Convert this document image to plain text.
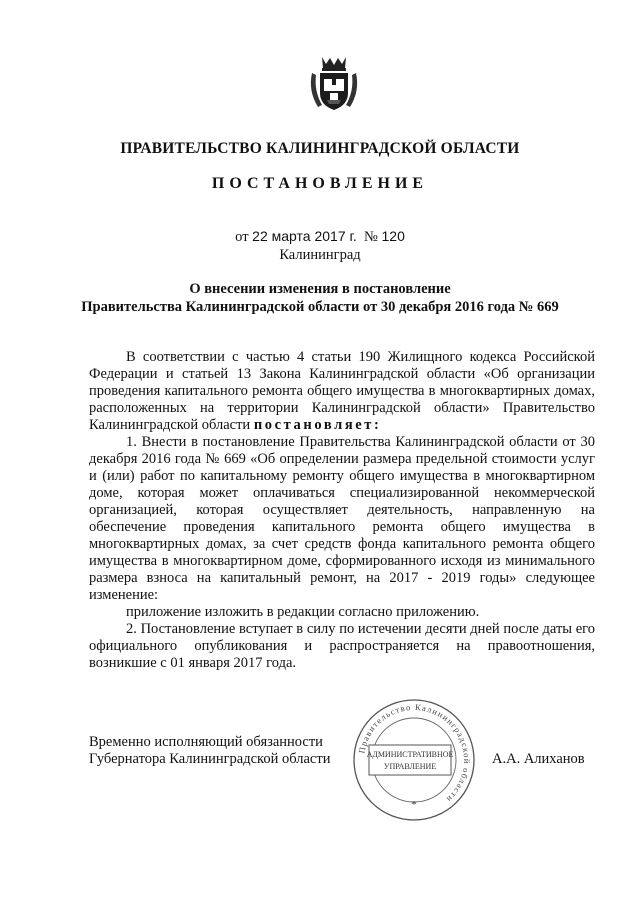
ПРАВИТЕЛЬСТВО КАЛИНИНГРАДСКОЙ ОБЛАСТИ
ПОСТАНОВЛЕНИЕ
от 22 марта 2017 г. № 120
Калининград
О внесении изменения в постановление
Правительства Калининградской области от 30 декабря 2016 года № 669

В соответствии с частью 4 статьи 190 Жилищного кодекса Российской Федерации и статьей 13 Закона Калининградской области «Об организации проведения капитального ремонта общего имущества в многоквартирных домах, расположенных на территории Калининградской области» Правительство Калининградской области постановляет:

1. Внести в постановление Правительства Калининградской области от 30 декабря 2016 года № 669 «Об определении размера предельной стоимости услуг и (или) работ по капитальному ремонту общего имущества в многоквартирном доме, которая может оплачиваться специализированной некоммерческой организацией, которая осуществляет деятельность, направленную на обеспечение проведения капитального ремонта общего имущества в многоквартирных домах, за счет средств фонда капитального ремонта общего имущества в многоквартирном доме, сформированного исходя из минимального размера взноса на капитальный ремонт, на 2017 - 2019 годы» следующее изменение:

приложение изложить в редакции согласно приложению.

2. Постановление вступает в силу по истечении десяти дней после даты его официального опубликования и распространяется на правоотношения, возникшие с 01 января 2017 года.

Временно исполняющий обязанности
Губернатора Калининградской области
Правительство Калининградской области
АДМИНИСТРАТИВНОЕ
УПРАВЛЕНИЕ
*
А.А. Алиханов
